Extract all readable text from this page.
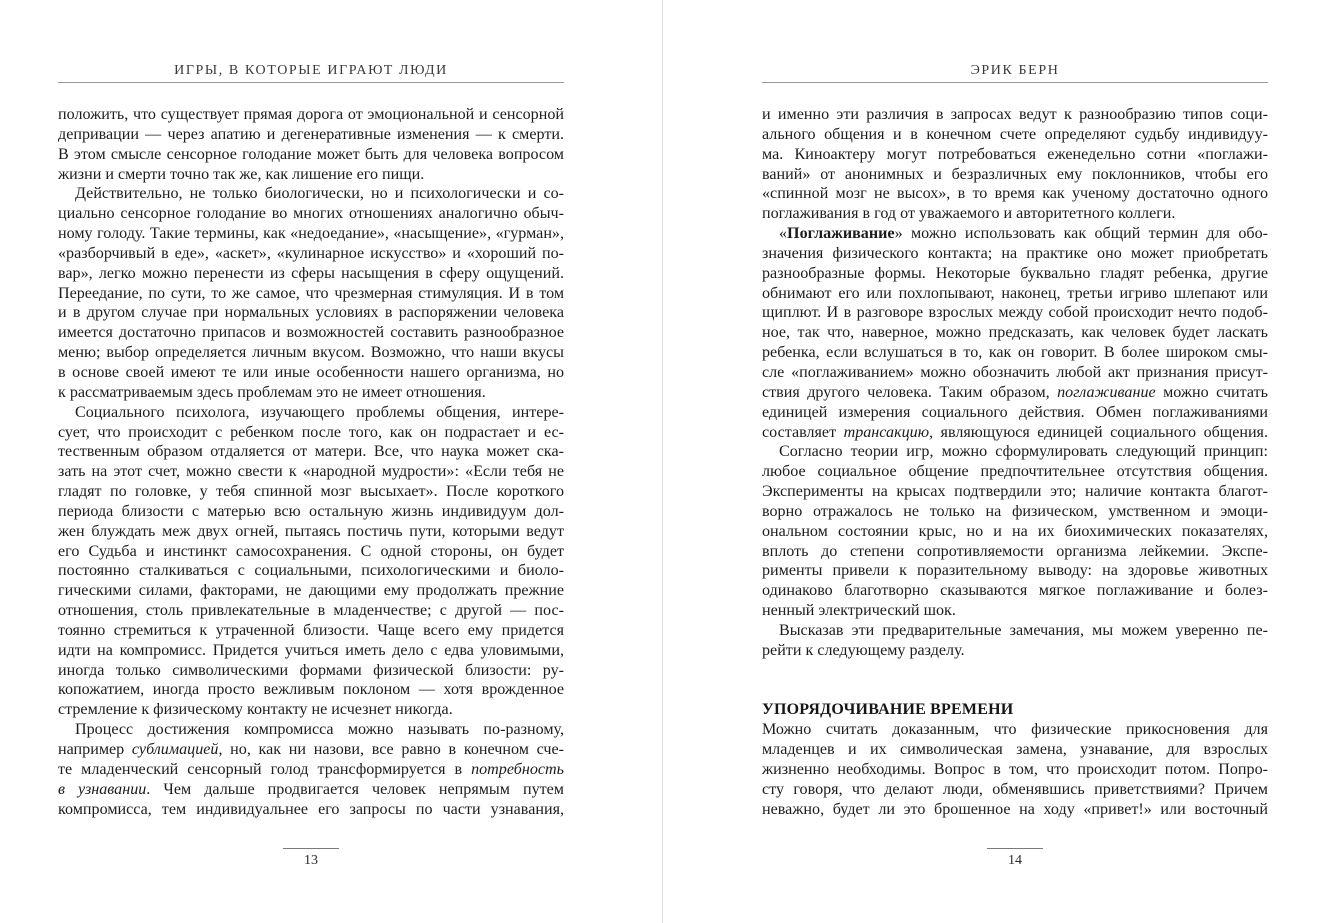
ИГРЫ, В КОТОРЫЕ ИГРАЮТ ЛЮДИ
положить, что существует прямая дорога от эмоциональной и сенсорной
депривации — через апатию и дегенеративные изменения — к смерти.
В этом смысле сенсорное голодание может быть для человека вопросом
жизни и смерти точно так же, как лишение его пищи.
Действительно, не только биологически, но и психологически и со-
циально сенсорное голодание во многих отношениях аналогично обыч-
ному голоду. Такие термины, как «недоедание», «насыщение», «гурман»,
«разборчивый в еде», «аскет», «кулинарное искусство» и «хороший по-
вар», легко можно перенести из сферы насыщения в сферу ощущений.
Переедание, по сути, то же самое, что чрезмерная стимуляция. И в том
и в другом случае при нормальных условиях в распоряжении человека
имеется достаточно припасов и возможностей составить разнообразное
меню; выбор определяется личным вкусом. Возможно, что наши вкусы
в основе своей имеют те или иные особенности нашего организма, но
к рассматриваемым здесь проблемам это не имеет отношения.
Социального психолога, изучающего проблемы общения, интере-
сует, что происходит с ребенком после того, как он подрастает и ес-
тественным образом отдаляется от матери. Все, что наука может ска-
зать на этот счет, можно свести к «народной мудрости»: «Если тебя не
гладят по головке, у тебя спинной мозг высыхает». После короткого
периода близости с матерью всю остальную жизнь индивидуум дол-
жен блуждать меж двух огней, пытаясь постичь пути, которыми ведут
его Судьба и инстинкт самосохранения. С одной стороны, он будет
постоянно сталкиваться с социальными, психологическими и биоло-
гическими силами, факторами, не дающими ему продолжать прежние
отношения, столь привлекательные в младенчестве; с другой — пос-
тоянно стремиться к утраченной близости. Чаще всего ему придется
идти на компромисс. Придется учиться иметь дело с едва уловимыми,
иногда только символическими формами физической близости: ру-
копожатием, иногда просто вежливым поклоном — хотя врожденное
стремление к физическому контакту не исчезнет никогда.
Процесс достижения компромисса можно называть по-разному,
например сублимацией, но, как ни назови, все равно в конечном сче-
те младенческий сенсорный голод трансформируется в потребность
в узнавании. Чем дальше продвигается человек непрямым путем
компромисса, тем индивидуальнее его запросы по части узнавания,
13
ЭРИК БЕРН
и именно эти различия в запросах ведут к разнообразию типов соци-
ального общения и в конечном счете определяют судьбу индивидуу-
ма. Киноактеру могут потребоваться еженедельно сотни «поглажи-
ваний» от анонимных и безразличных ему поклонников, чтобы его
«спинной мозг не высох», в то время как ученому достаточно одного
поглаживания в год от уважаемого и авторитетного коллеги.
«Поглаживание» можно использовать как общий термин для обо-
значения физического контакта; на практике оно может приобретать
разнообразные формы. Некоторые буквально гладят ребенка, другие
обнимают его или похлопывают, наконец, третьи игриво шлепают или
щиплют. И в разговоре взрослых между собой происходит нечто подоб-
ное, так что, наверное, можно предсказать, как человек будет ласкать
ребенка, если вслушаться в то, как он говорит. В более широком смы-
сле «поглаживанием» можно обозначить любой акт признания присут-
ствия другого человека. Таким образом, поглаживание можно считать
единицей измерения социального действия. Обмен поглаживаниями
составляет трансакцию, являющуюся единицей социального общения.
Согласно теории игр, можно сформулировать следующий принцип:
любое социальное общение предпочтительнее отсутствия общения.
Эксперименты на крысах подтвердили это; наличие контакта благот-
ворно отражалось не только на физическом, умственном и эмоци-
ональном состоянии крыс, но и на их биохимических показателях,
вплоть до степени сопротивляемости организма лейкемии. Экспе-
рименты привели к поразительному выводу: на здоровье животных
одинаково благотворно сказываются мягкое поглаживание и болез-
ненный электрический шок.
Высказав эти предварительные замечания, мы можем уверенно пе-
рейти к следующему разделу.
УПОРЯДОЧИВАНИЕ ВРЕМЕНИ
Можно считать доказанным, что физические прикосновения для
младенцев и их символическая замена, узнавание, для взрослых
жизненно необходимы. Вопрос в том, что происходит потом. Попро-
сту говоря, что делают люди, обменявшись приветствиями? Причем
неважно, будет ли это брошенное на ходу «привет!» или восточный
14
